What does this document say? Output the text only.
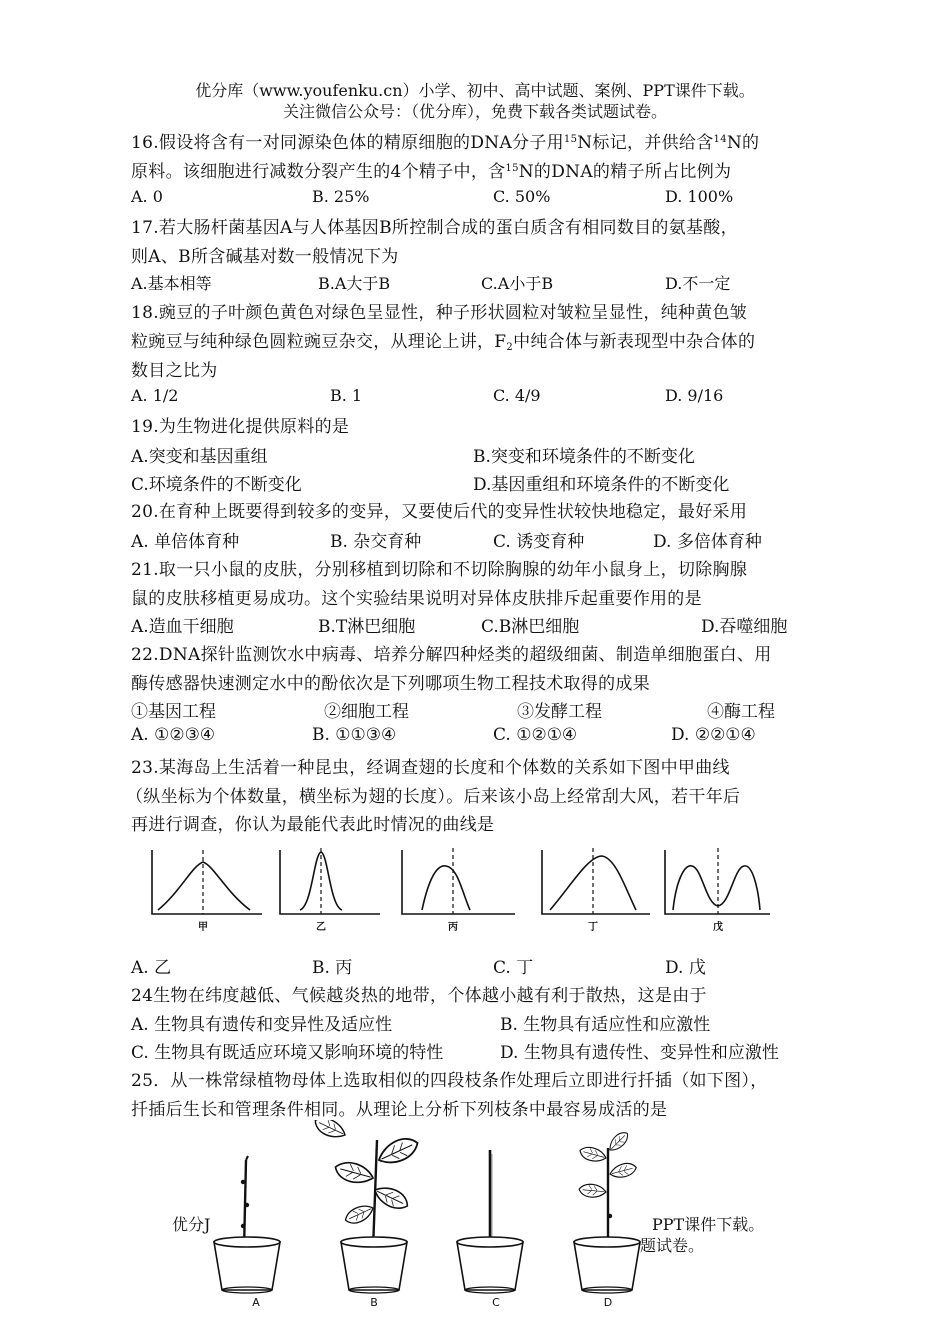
优分库（www.youfenku.cn）小学、初中、高中试题、案例、PPT课件下载。
关注微信公众号：（优分库），免费下载各类试题试卷。
16.假设将含有一对同源染色体的精原细胞的DNA分子用$^{15}$N标记，并供给含$^{14}$N的
原料。该细胞进行减数分裂产生的4个精子中，含$^{15}$N的DNA的精子所占比例为
A. 0	B. 25%	C. 50%	D. 100%
17.若大肠杆菌基因A与人体基因B所控制合成的蛋白质含有相同数目的氨基酸，
则A、B所含碱基对数一般情况下为
A.基本相等	B.A大于B	C.A小于B	D.不一定
18.豌豆的子叶颜色黄色对绿色呈显性，种子形状圆粒对皱粒呈显性，纯种黄色皱
粒豌豆与纯种绿色圆粒豌豆杂交，从理论上讲，$F_2$中纯合体与新表现型中杂合体的
数目之比为
A. 1/2	B. 1	C. 4/9	D. 9/16
19.为生物进化提供原料的是
A.突变和基因重组	B.突变和环境条件的不断变化
C.环境条件的不断变化	D.基因重组和环境条件的不断变化
20.在育种上既要得到较多的变异，又要使后代的变异性状较快地稳定，最好采用
A. 单倍体育种	B. 杂交育种	C. 诱变育种	D. 多倍体育种
21.取一只小鼠的皮肤，分别移植到切除和不切除胸腺的幼年小鼠身上，切除胸腺
鼠的皮肤移植更易成功。这个实验结果说明对异体皮肤排斥起重要作用的是
A.造血干细胞	B.T淋巴细胞	C.B淋巴细胞	D.吞噬细胞
22.DNA探针监测饮水中病毒、培养分解四种烃类的超级细菌、制造单细胞蛋白、用
酶传感器快速测定水中的酚依次是下列哪项生物工程技术取得的成果
①基因工程	②细胞工程	③发酵工程	④酶工程
A. ①②③④	B. ①①③④	C. ①②①④	D. ②②①④
23.某海岛上生活着一种昆虫，经调查翅的长度和个体数的关系如下图中甲曲线
（纵坐标为个体数量，横坐标为翅的长度）。后来该小岛上经常刮大风，若干年后
再进行调查，你认为最能代表此时情况的曲线是
甲	乙	丙	丁	戊
A. 乙	B. 丙	C. 丁	D. 戊
24生物在纬度越低、气候越炎热的地带，个体越小越有利于散热，这是由于
A. 生物具有遗传和变异性及适应性	B. 生物具有适应性和应激性
C. 生物具有既适应环境又影响环境的特性	D. 生物具有遗传性、变异性和应激性
25．从一株常绿植物母体上选取相似的四段枝条作处理后立即进行扦插（如下图），
扦插后生长和管理条件相同。从理论上分析下列枝条中最容易成活的是
优分J	PPT课件下载。
题试卷。
A	B	C	D
